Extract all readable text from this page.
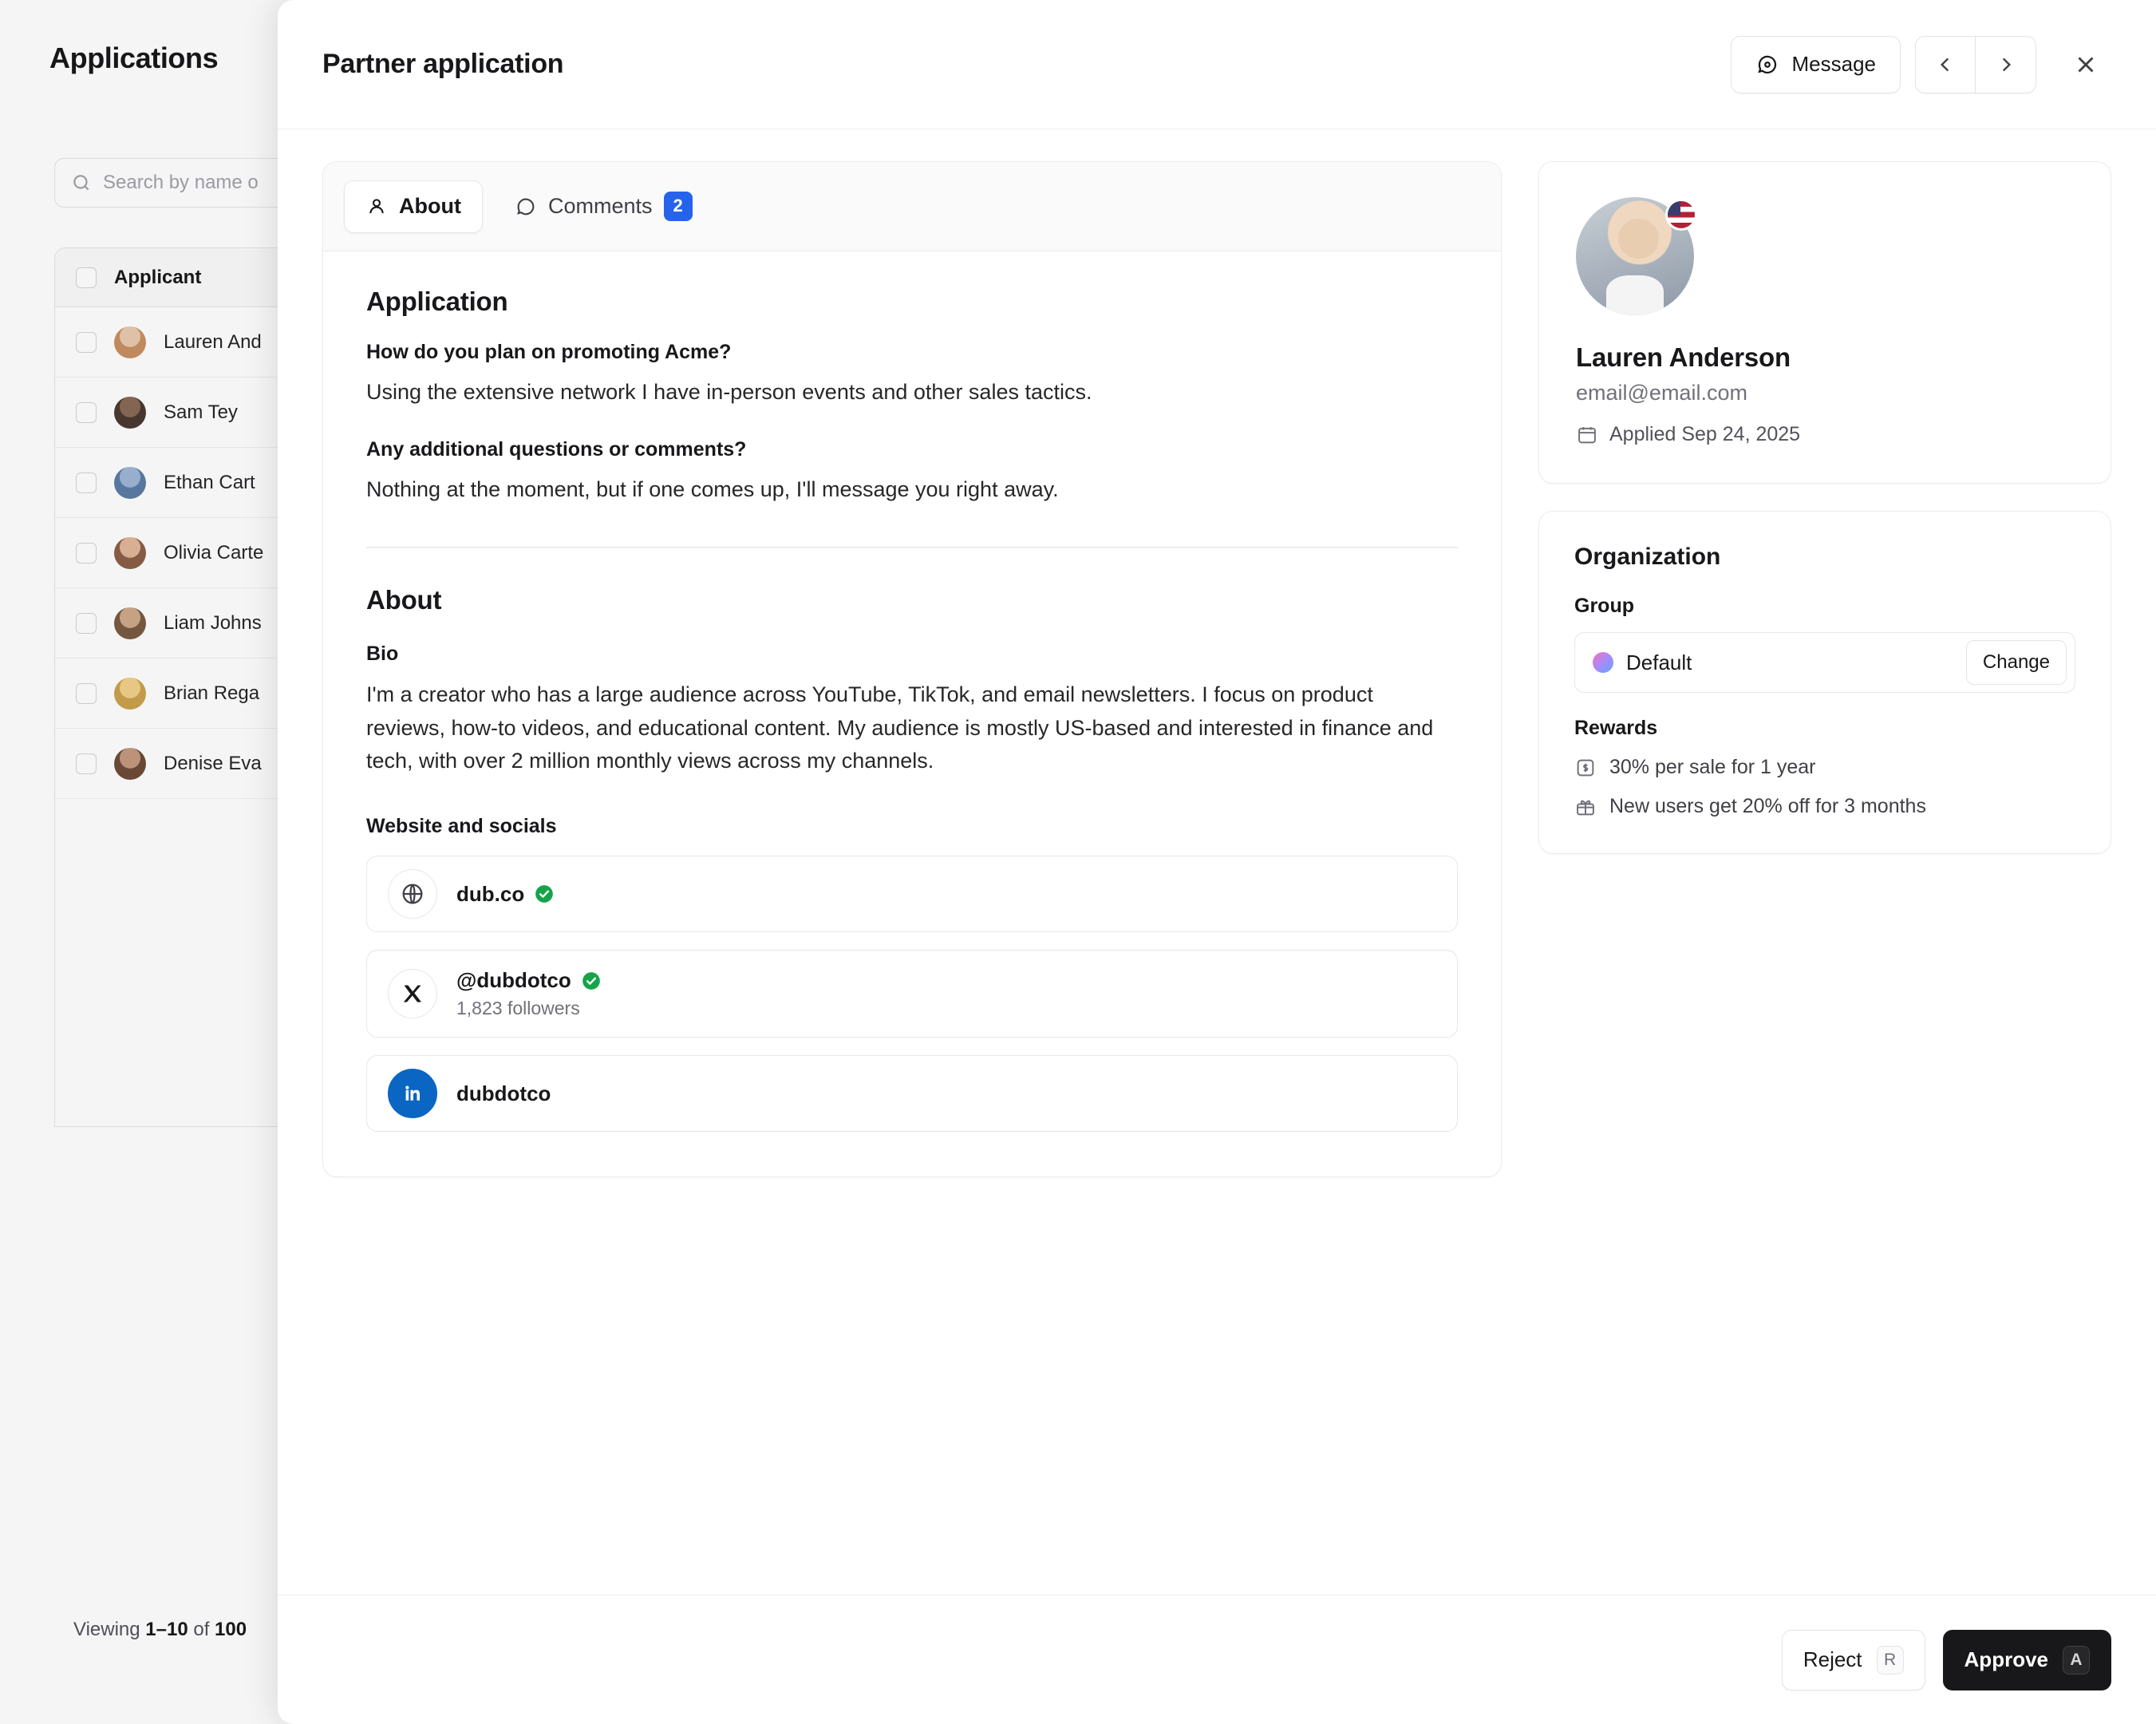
Applications
Search by name o
Applicant
Lauren And
Sam Tey
Ethan Cart
Olivia Carte
Liam Johns
Brian Rega
Denise Eva
Viewing 1–10 of 100
Partner application	Message
About	Comments	2
Application
How do you plan on promoting Acme?
Using the extensive network I have in-person events and other sales tactics.
Any additional questions or comments?
Nothing at the moment, but if one comes up, I'll message you right away.
About
Bio
I'm a creator who has a large audience across YouTube, TikTok, and email newsletters. I focus on product reviews, how-to videos, and educational content. My audience is mostly US-based and interested in finance and tech, with over 2 million monthly views across my channels.
Website and socials
dub.co
@dubdotco
1,823 followers
dubdotco
Lauren Anderson
email@email.com
Applied Sep 24, 2025
Organization
Group
Default	Change
Rewards
30% per sale for 1 year
New users get 20% off for 3 months
Reject	R	Approve	A
